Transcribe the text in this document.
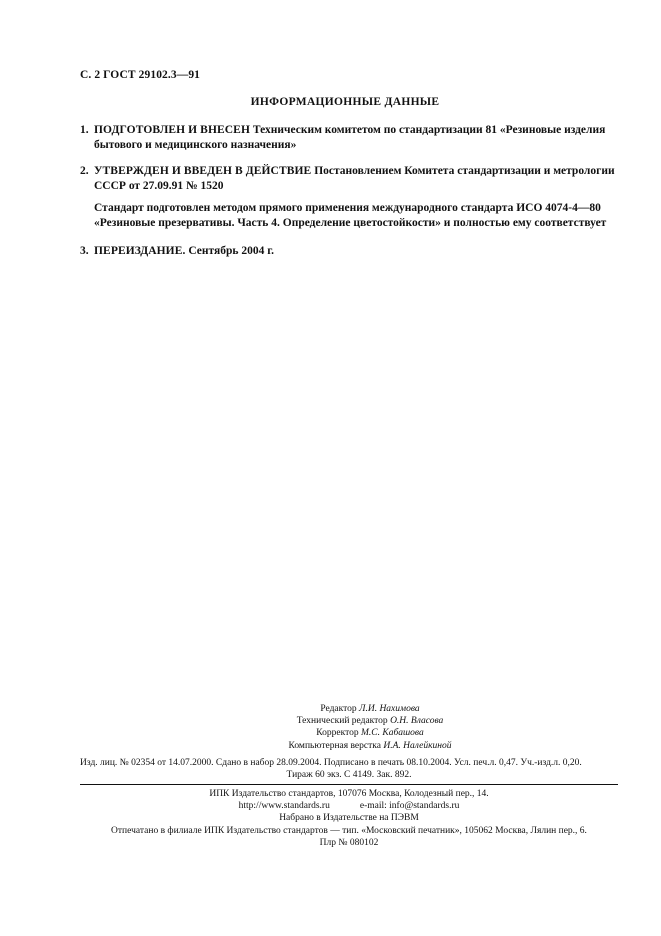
С. 2 ГОСТ 29102.3—91
ИНФОРМАЦИОННЫЕ ДАННЫЕ
1. ПОДГОТОВЛЕН И ВНЕСЕН Техническим комитетом по стандартизации 81 «Резиновые изделия бытового и медицинского назначения»
2. УТВЕРЖДЕН И ВВЕДЕН В ДЕЙСТВИЕ Постановлением Комитета стандартизации и метрологии СССР от 27.09.91 № 1520
Стандарт подготовлен методом прямого применения международного стандарта ИСО 4074-4—80 «Резиновые презервативы. Часть 4. Определение цветостойкости» и полностью ему соответствует
3. ПЕРЕИЗДАНИЕ. Сентябрь 2004 г.
Редактор Л.И. Нахимова
Технический редактор О.Н. Власова
Корректор М.С. Кабашова
Компьютерная верстка И.А. Налейкиной
Изд. лиц. № 02354 от 14.07.2000. Сдано в набор 28.09.2004. Подписано в печать 08.10.2004. Усл. печ.л. 0,47. Уч.-изд.л. 0,20.
Тираж 60 экз. С 4149. Зак. 892.
ИПК Издательство стандартов, 107076 Москва, Колодезный пер., 14.
http://www.standards.ru	e-mail: info@standards.ru
Набрано в Издательстве на ПЭВМ
Отпечатано в филиале ИПК Издательство стандартов — тип. «Московский печатник», 105062 Москва, Лялин пер., 6.
Плр № 080102
